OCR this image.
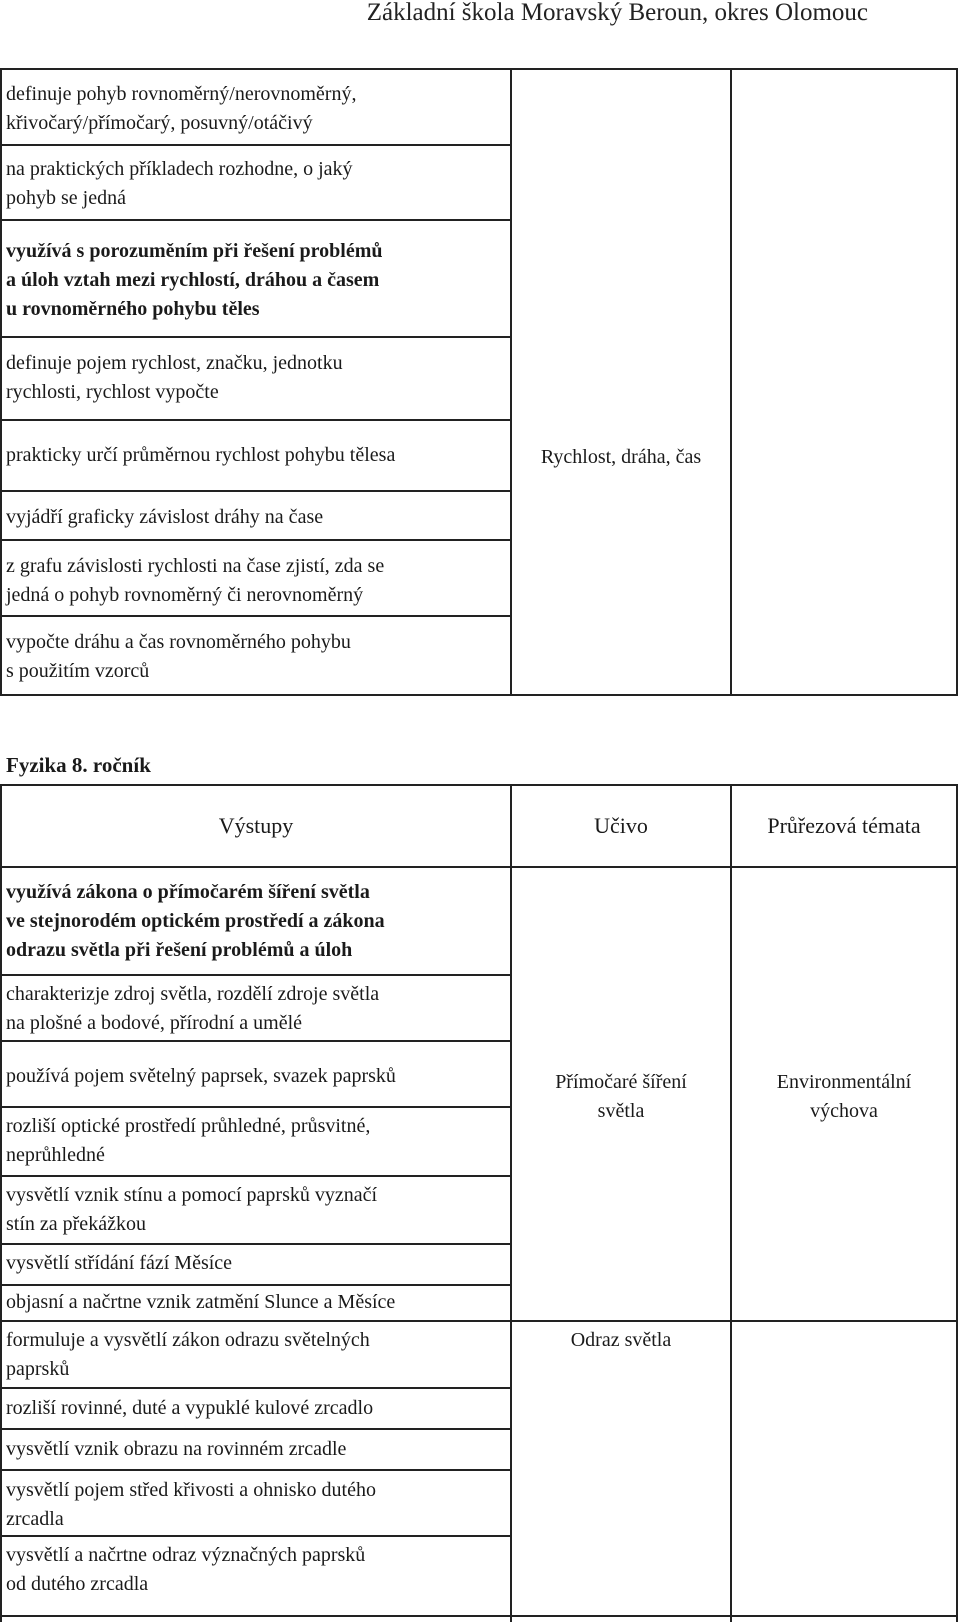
Základní škola Moravský Beroun, okres Olomouc
definuje pohyb rovnoměrný/nerovnoměrný,
křivočarý/přímočarý, posuvný/otáčivý
na praktických příkladech rozhodne, o jaký
pohyb se jedná
využívá s porozuměním při řešení problémů
a úloh vztah mezi rychlostí, dráhou a časem
u rovnoměrného pohybu těles
definuje pojem rychlost, značku, jednotku
rychlosti, rychlost vypočte
prakticky určí průměrnou rychlost pohybu tělesa
vyjádří graficky závislost dráhy na čase
z grafu závislosti rychlosti na čase zjistí, zda se
jedná o pohyb rovnoměrný či nerovnoměrný
vypočte dráhu a čas rovnoměrného pohybu
s použitím vzorců
Rychlost, dráha, čas
Fyzika 8. ročník
Výstupy	Učivo	Průřezová témata
využívá zákona o přímočarém šíření světla
ve stejnorodém optickém prostředí a zákona
odrazu světla při řešení problémů a úloh
charakterizje zdroj světla, rozdělí zdroje světla
na plošné a bodové, přírodní a umělé
používá pojem světelný paprsek, svazek paprsků
rozliší optické prostředí průhledné, průsvitné,
neprůhledné
vysvětlí vznik stínu a pomocí paprsků vyznačí
stín za překážkou
vysvětlí střídání fází Měsíce
objasní a načrtne vznik zatmění Slunce a Měsíce
formuluje a vysvětlí zákon odrazu světelných
paprsků
rozliší rovinné, duté a vypuklé kulové zrcadlo
vysvětlí vznik obrazu na rovinném zrcadle
vysvětlí pojem střed křivosti a ohnisko dutého
zrcadla
vysvětlí a načrtne odraz význačných paprsků
od dutého zrcadla
Přímočaré šíření
světla
Odraz světla
Environmentální
výchova
